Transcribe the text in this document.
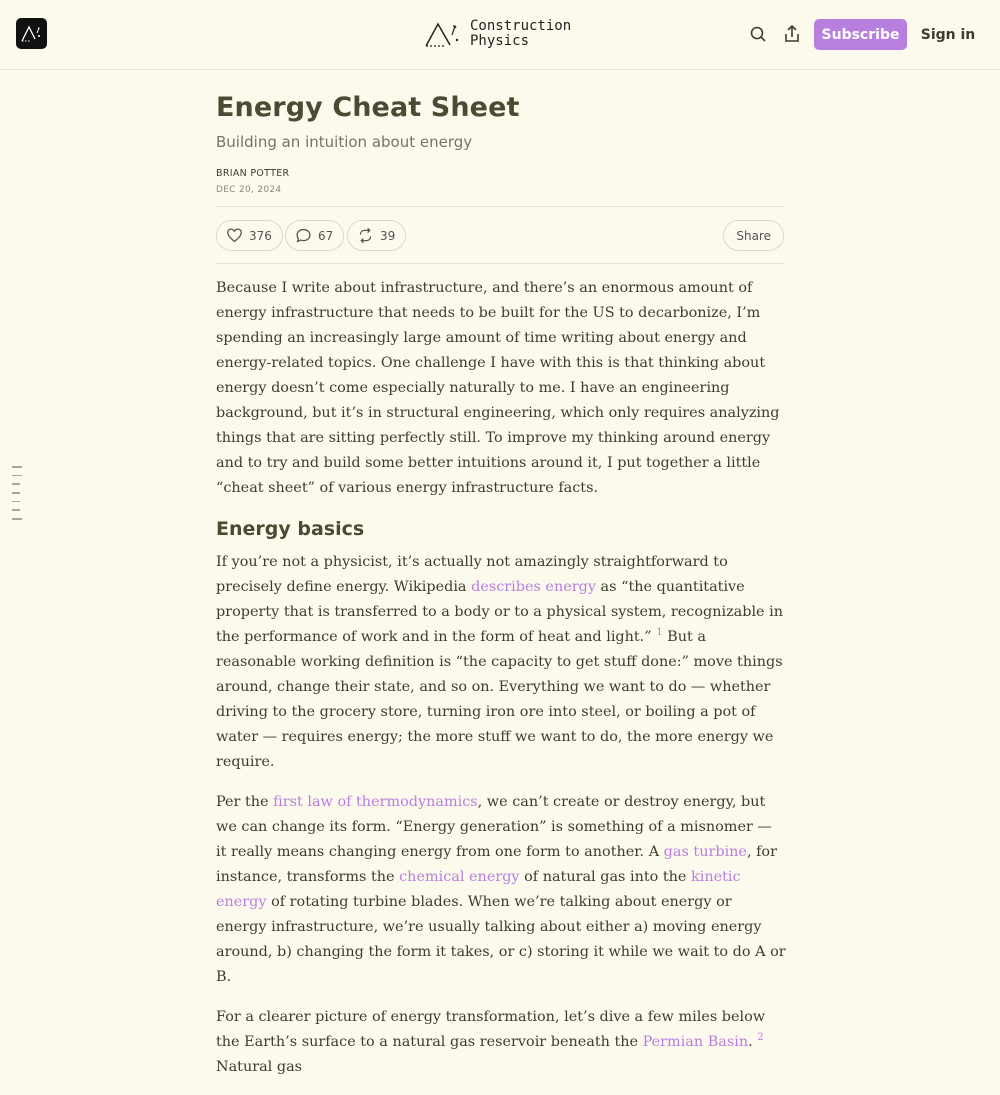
Construction
Physics	Subscribe	Sign in
Energy Cheat Sheet
Building an intuition about energy
BRIAN POTTER
DEC 20, 2024
376	67	39	Share

Because I write about infrastructure, and there’s an enormous amount of energy infrastructure that needs to be built for the US to decarbonize, I’m spending an increasingly large amount of time writing about energy and energy-related topics. One challenge I have with this is that thinking about energy doesn’t come especially naturally to me. I have an engineering background, but it’s in structural engineering, which only requires analyzing things that are sitting perfectly still. To improve my thinking around energy and to try and build some better intuitions around it, I put together a little “cheat sheet” of various energy infrastructure facts.

Energy basics

If you’re not a physicist, it’s actually not amazingly straightforward to precisely define energy. Wikipedia describes energy as “the quantitative property that is transferred to a body or to a physical system, recognizable in the performance of work and in the form of heat and light.” $^1$ But a reasonable working definition is “the capacity to get stuff done:” move things around, change their state, and so on. Everything we want to do — whether driving to the grocery store, turning iron ore into steel, or boiling a pot of water — requires energy; the more stuff we want to do, the more energy we require.

Per the first law of thermodynamics, we can’t create or destroy energy, but we can change its form. “Energy generation” is something of a misnomer — it really means changing energy from one form to another. A gas turbine, for instance, transforms the chemical energy of natural gas into the kinetic energy of rotating turbine blades. When we’re talking about energy or energy infrastructure, we’re usually talking about either a) moving energy around, b) changing the form it takes, or c) storing it while we wait to do A or B.

For a clearer picture of energy transformation, let’s dive a few miles below the Earth’s surface to a natural gas reservoir beneath the Permian Basin. $^2$ Natural gas
